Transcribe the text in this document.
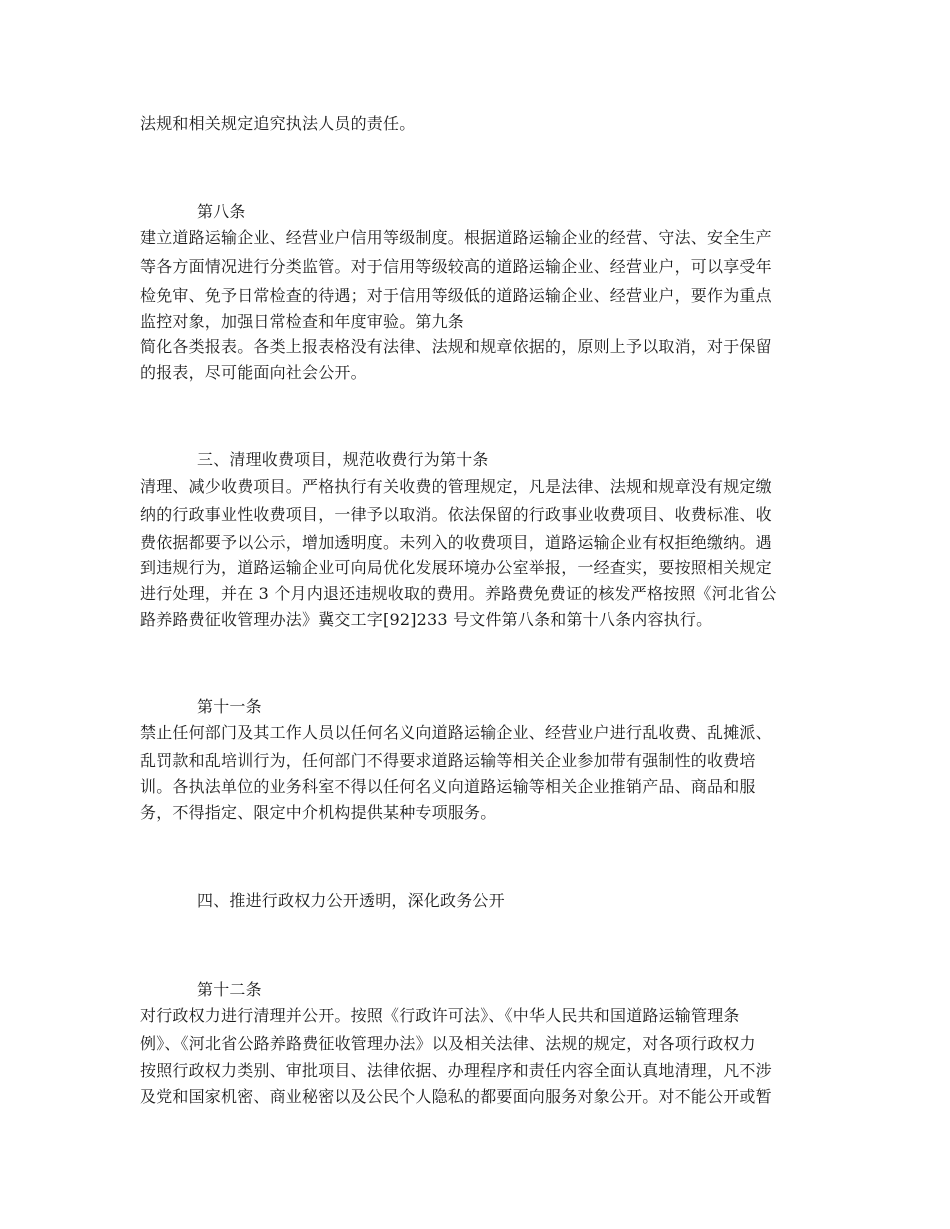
法规和相关规定追究执法人员的责任。
第八条
建立道路运输企业、经营业户信用等级制度。根据道路运输企业的经营、守法、安全生产
等各方面情况进行分类监管。对于信用等级较高的道路运输企业、经营业户，可以享受年
检免审、免予日常检查的待遇；对于信用等级低的道路运输企业、经营业户，要作为重点
监控对象，加强日常检查和年度审验。第九条
简化各类报表。各类上报表格没有法律、法规和规章依据的，原则上予以取消，对于保留
的报表，尽可能面向社会公开。
三、清理收费项目，规范收费行为第十条
清理、减少收费项目。严格执行有关收费的管理规定，凡是法律、法规和规章没有规定缴
纳的行政事业性收费项目，一律予以取消。依法保留的行政事业收费项目、收费标准、收
费依据都要予以公示，增加透明度。未列入的收费项目，道路运输企业有权拒绝缴纳。遇
到违规行为，道路运输企业可向局优化发展环境办公室举报，一经查实，要按照相关规定
进行处理，并在 3 个月内退还违规收取的费用。养路费免费证的核发严格按照《河北省公
路养路费征收管理办法》冀交工字[92]233 号文件第八条和第十八条内容执行。
第十一条
禁止任何部门及其工作人员以任何名义向道路运输企业、经营业户进行乱收费、乱摊派、
乱罚款和乱培训行为，任何部门不得要求道路运输等相关企业参加带有强制性的收费培
训。各执法单位的业务科室不得以任何名义向道路运输等相关企业推销产品、商品和服
务，不得指定、限定中介机构提供某种专项服务。
四、推进行政权力公开透明，深化政务公开
第十二条
对行政权力进行清理并公开。按照《行政许可法》、《中华人民共和国道路运输管理条
例》、《河北省公路养路费征收管理办法》以及相关法律、法规的规定，对各项行政权力
按照行政权力类别、审批项目、法律依据、办理程序和责任内容全面认真地清理，凡不涉
及党和国家机密、商业秘密以及公民个人隐私的都要面向服务对象公开。对不能公开或暂
